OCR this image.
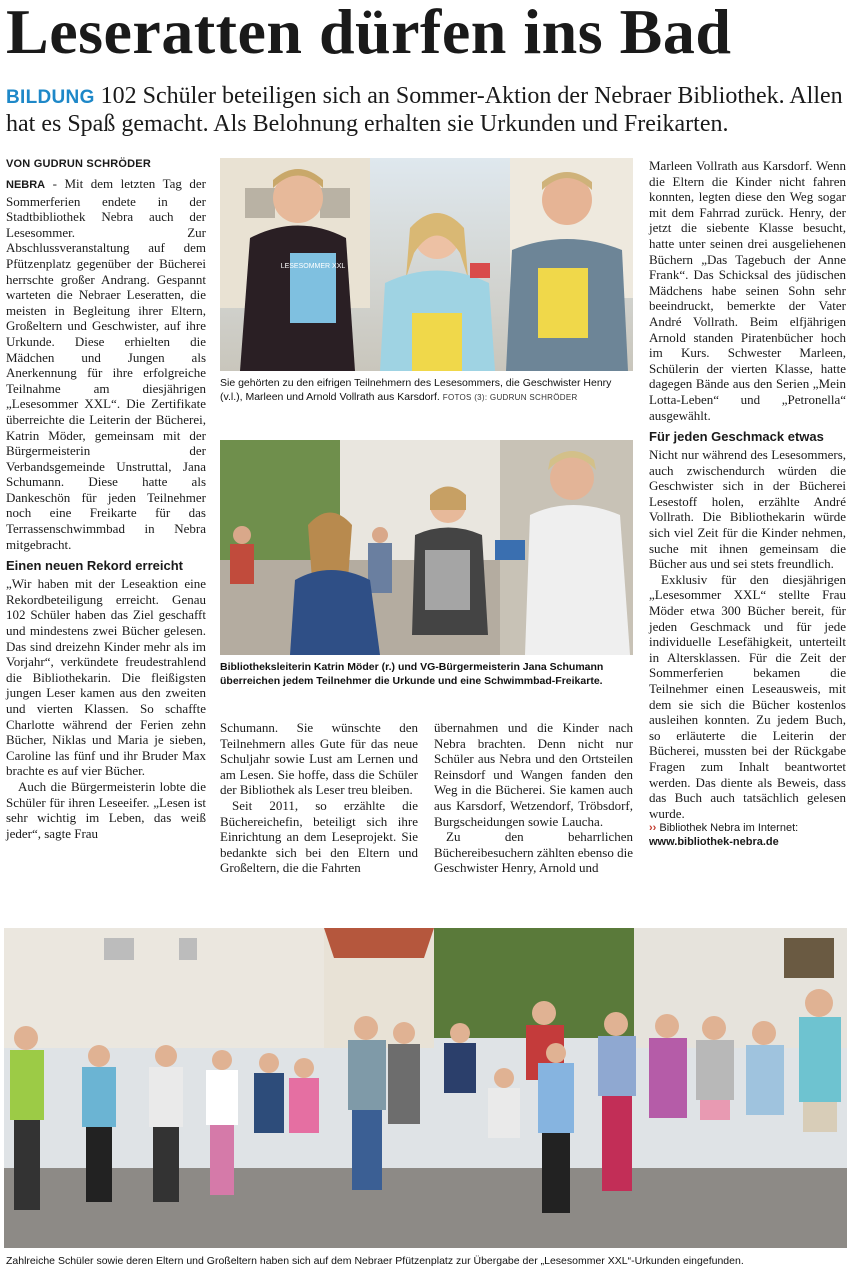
Leseratten dürfen ins Bad
BILDUNG 102 Schüler beteiligen sich an Sommer-Aktion der Nebraer Bibliothek. Allen hat es Spaß gemacht. Als Belohnung erhalten sie Urkunden und Freikarten.
VON GUDRUN SCHRÖDER

NEBRA - Mit dem letzten Tag der Sommerferien endete in der Stadtbibliothek Nebra auch der Lesesommer. Zur Abschlussveranstaltung auf dem Pfützenplatz gegenüber der Bücherei herrschte großer Andrang. Gespannt warteten die Nebraer Leseratten, die meisten in Begleitung ihrer Eltern, Großeltern und Geschwister, auf ihre Urkunde. Diese erhielten die Mädchen und Jungen als Anerkennung für ihre erfolgreiche Teilnahme am diesjährigen „Lesesommer XXL“. Die Zertifikate überreichte die Leiterin der Bücherei, Katrin Möder, gemeinsam mit der Bürgermeisterin der Verbandsgemeinde Unstruttal, Jana Schumann. Diese hatte als Dankeschön für jeden Teilnehmer noch eine Freikarte für das Terrassenschwimmbad in Nebra mitgebracht.

Einen neuen Rekord erreicht

„Wir haben mit der Leseaktion eine Rekordbeteiligung erreicht. Genau 102 Schüler haben das Ziel geschafft und mindestens zwei Bücher gelesen. Das sind dreizehn Kinder mehr als im Vorjahr“, verkündete freudestrahlend die Bibliothekarin. Die fleißigsten jungen Leser kamen aus den zweiten und vierten Klassen. So schaffte Charlotte während der Ferien zehn Bücher, Niklas und Maria je sieben, Caroline las fünf und ihr Bruder Max brachte es auf vier Bücher.

Auch die Bürgermeisterin lobte die Schüler für ihren Leseeifer. „Lesen ist sehr wichtig im Leben, das weiß jeder“, sagte Frau

LESESOMMER XXL
Sie gehörten zu den eifrigen Teilnehmern des Lesesommers, die Geschwister Henry (v.l.), Marleen und Arnold Vollrath aus Karsdorf. FOTOS (3): GUDRUN SCHRÖDER
Bibliotheksleiterin Katrin Möder (r.) und VG-Bürgermeisterin Jana Schumann überreichen jedem Teilnehmer die Urkunde und eine Schwimmbad-Freikarte.

Schumann. Sie wünschte den Teilnehmern alles Gute für das neue Schuljahr sowie Lust am Lernen und am Lesen. Sie hoffe, dass die Schüler der Bibliothek als Leser treu bleiben.

Seit 2011, so erzählte die Büchereichefin, beteiligt sich ihre Einrichtung an dem Leseprojekt. Sie bedankte sich bei den Eltern und Großeltern, die die Fahrten

übernahmen und die Kinder nach Nebra brachten. Denn nicht nur Schüler aus Nebra und den Ortsteilen Reinsdorf und Wangen fanden den Weg in die Bücherei. Sie kamen auch aus Karsdorf, Wetzendorf, Tröbsdorf, Burgscheidungen sowie Laucha.

Zu den beharrlichen Büchereibesuchern zählten ebenso die Geschwister Henry, Arnold und

Marleen Vollrath aus Karsdorf. Wenn die Eltern die Kinder nicht fahren konnten, legten diese den Weg sogar mit dem Fahrrad zurück. Henry, der jetzt die siebente Klasse besucht, hatte unter seinen drei ausgeliehenen Büchern „Das Tagebuch der Anne Frank“. Das Schicksal des jüdischen Mädchens habe seinen Sohn sehr beeindruckt, bemerkte der Vater André Vollrath. Beim elfjährigen Arnold standen Piratenbücher hoch im Kurs. Schwester Marleen, Schülerin der vierten Klasse, hatte dagegen Bände aus den Serien „Mein Lotta-Leben“ und „Petronella“ ausgewählt.

Für jeden Geschmack etwas

Nicht nur während des Lesesommers, auch zwischendurch würden die Geschwister sich in der Bücherei Lesestoff holen, erzählte André Vollrath. Die Bibliothekarin würde sich viel Zeit für die Kinder nehmen, suche mit ihnen gemeinsam die Bücher aus und sei stets freundlich.

Exklusiv für den diesjährigen „Lesesommer XXL“ stellte Frau Möder etwa 300 Bücher bereit, für jeden Geschmack und für jede individuelle Lesefähigkeit, unterteilt in Altersklassen. Für die Zeit der Sommerferien bekamen die Teilnehmer einen Leseausweis, mit dem sie sich die Bücher kostenlos ausleihen konnten. Zu jedem Buch, so erläuterte die Leiterin der Bücherei, mussten bei der Rückgabe Fragen zum Inhalt beantwortet werden. Das diente als Beweis, dass das Buch auch tatsächlich gelesen wurde.

›› Bibliothek Nebra im Internet:
www.bibliothek-nebra.de
Zahlreiche Schüler sowie deren Eltern und Großeltern haben sich auf dem Nebraer Pfützenplatz zur Übergabe der „Lesesommer XXL“-Urkunden eingefunden.
